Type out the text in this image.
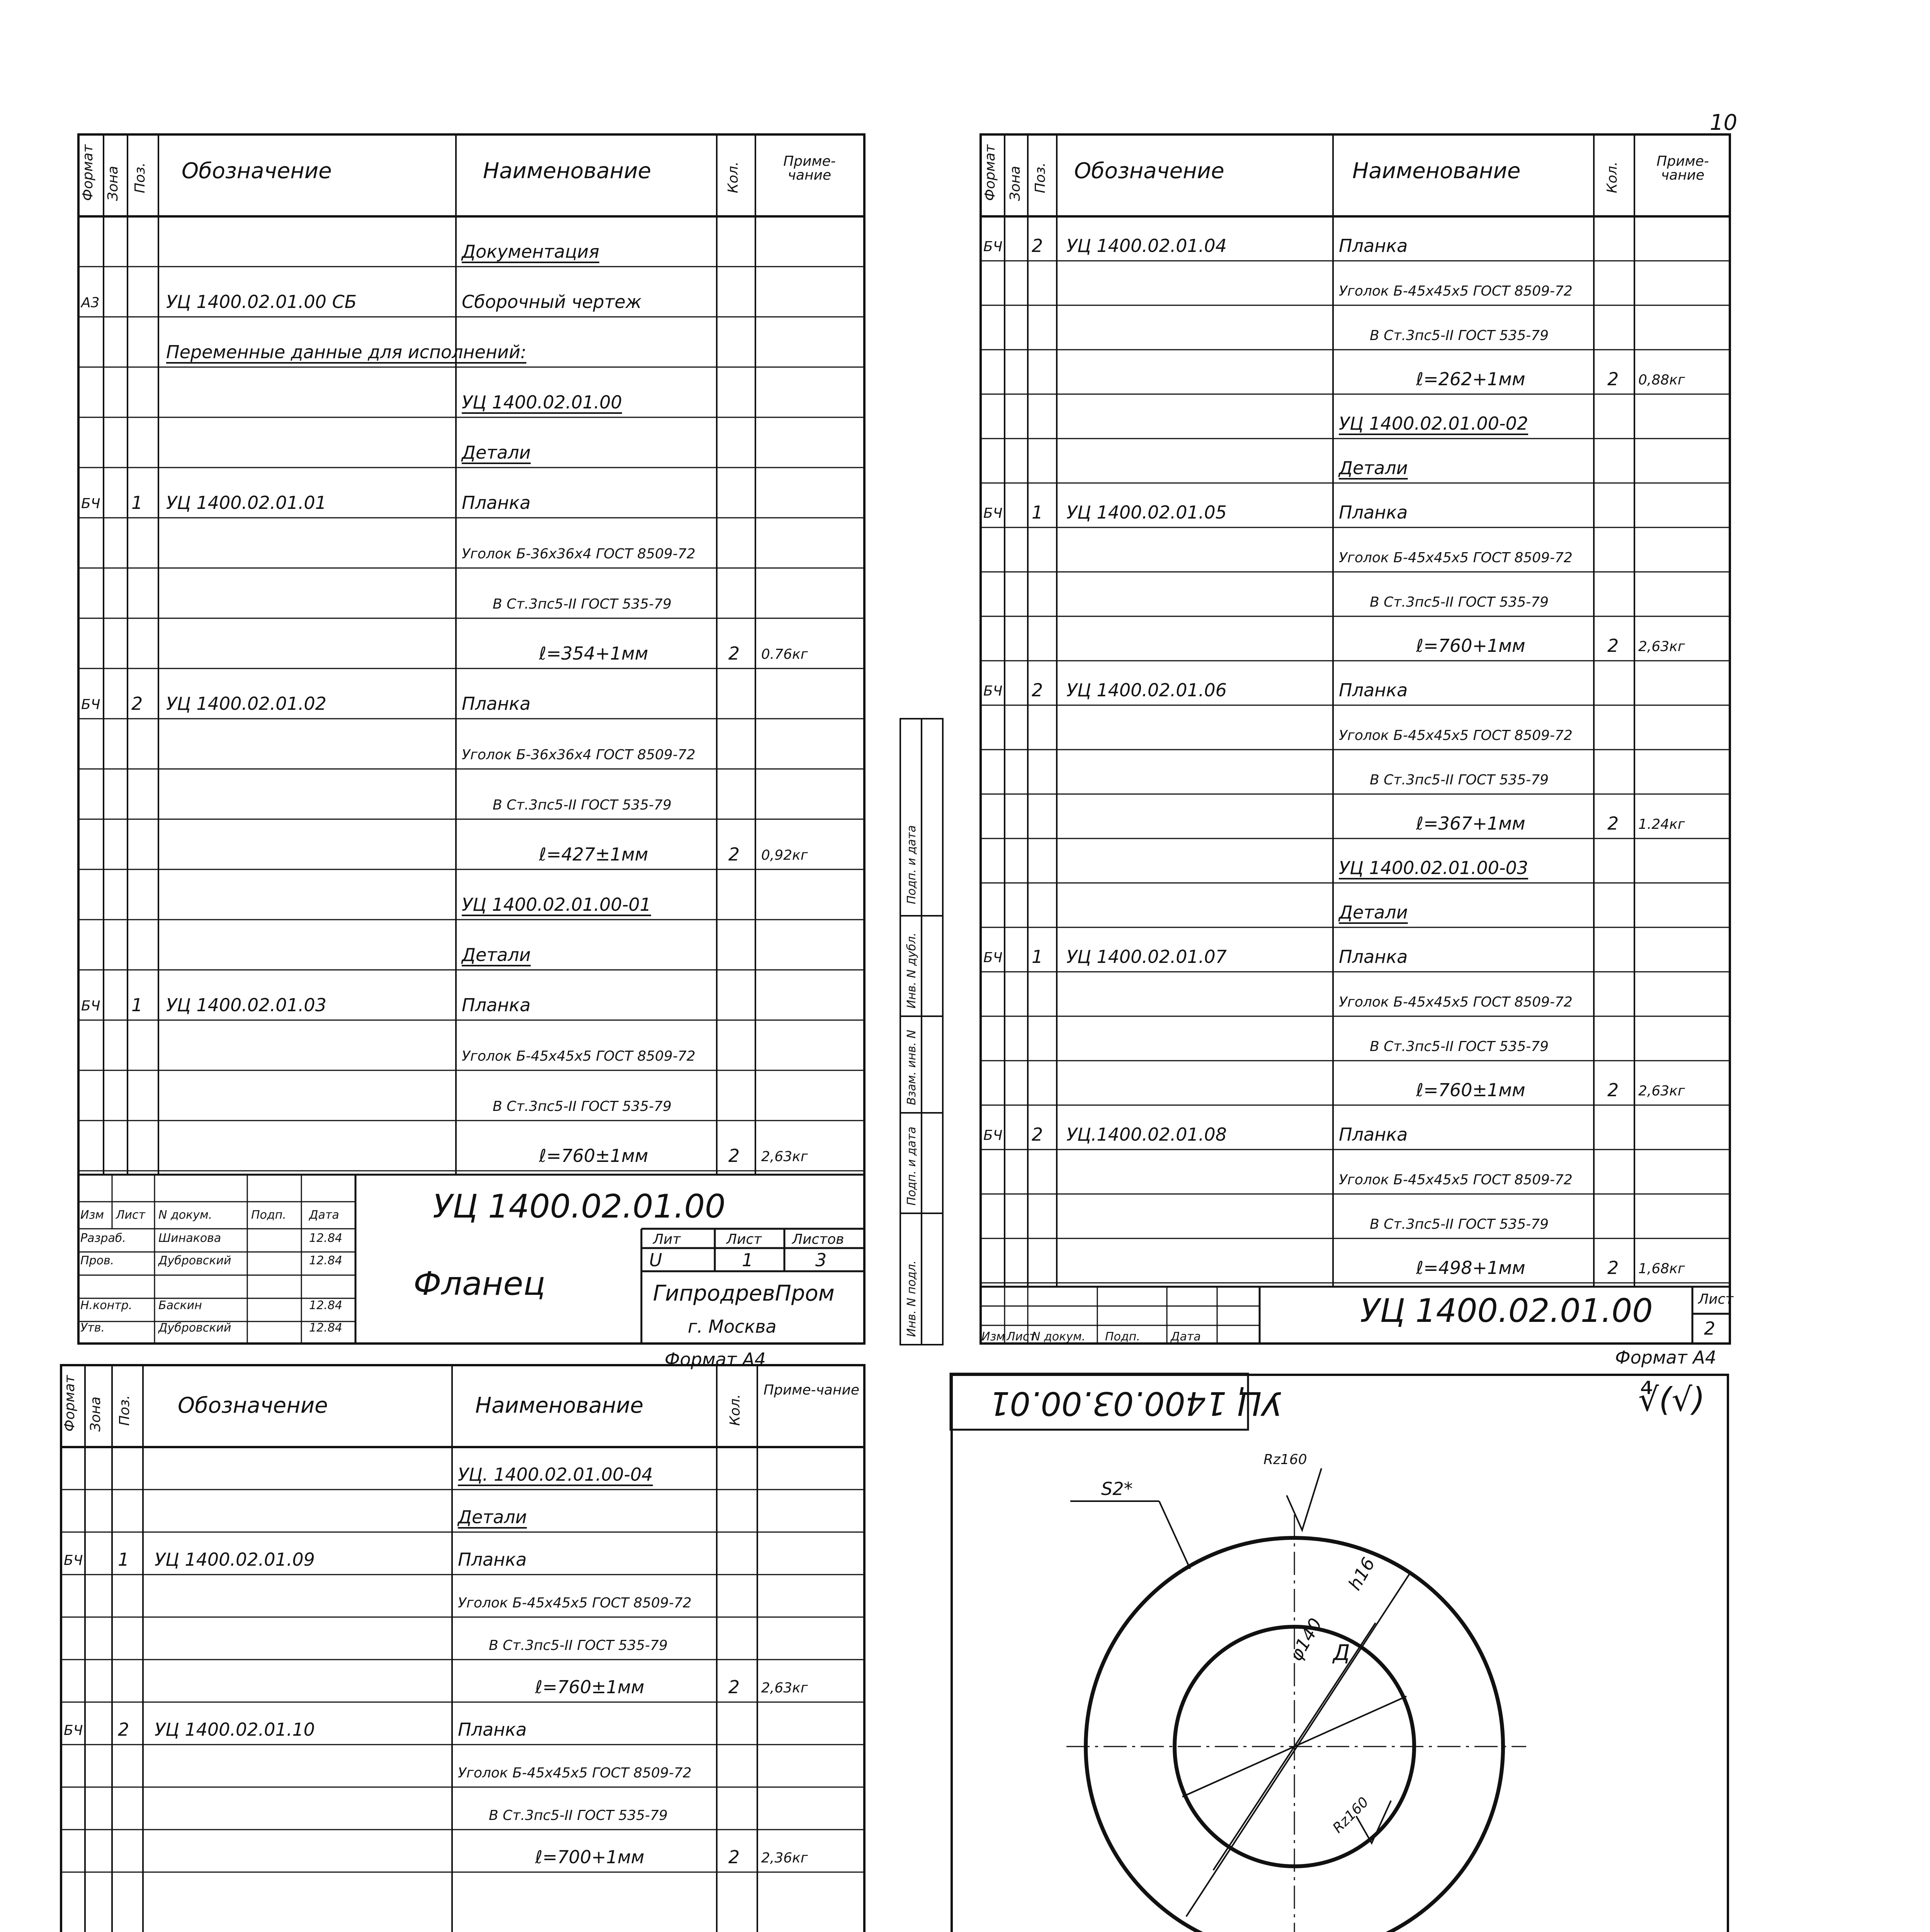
Формат Зона Поз. Обозначение	Наименование	Кол.
Приме-чание
Документация
А3	УЦ 1400.02.01.00 СБ	Сборочный чертеж
Переменные данные для исполнений:
УЦ 1400.02.01.00
Детали
БЧ 1 УЦ 1400.02.01.01	Планка
Уголок Б-36х36х4 ГОСТ 8509-72
В Ст.3пс5-II ГОСТ 535-79
ℓ=354+1мм	2 0.76кг
БЧ 2 УЦ 1400.02.01.02	Планка
Уголок Б-36х36х4 ГОСТ 8509-72
В Ст.3пс5-II ГОСТ 535-79
ℓ=427±1мм	2 0,92кг
УЦ 1400.02.01.00-01
Детали
БЧ 1 УЦ 1400.02.01.03	Планка
Уголок Б-45х45х5 ГОСТ 8509-72
В Ст.3пс5-II ГОСТ 535-79
ℓ=760±1мм	2 2,63кг
УЦ 1400.02.01.00
Фланец
Лит	Лист Листов
U	1	3
ГипродревПром
г. Москва
Формат А4
Изм Лист N докум.	Подп. Дата
Разраб.	Шинакова	12.84
Пров.	Дубровский	12.84
Н.контр. Баскин	12.84
Утв.	Дубровский	12.84
10
Формат Зона Поз. Обозначение	Наименование	Кол.
Приме-чание
БЧ 2 УЦ 1400.02.01.04	Планка
Уголок Б-45х45х5 ГОСТ 8509-72
В Ст.3пс5-II ГОСТ 535-79
ℓ=262+1мм	2 0,88кг
УЦ 1400.02.01.00-02
Детали
БЧ 1 УЦ 1400.02.01.05	Планка
Уголок Б-45х45х5 ГОСТ 8509-72
В Ст.3пс5-II ГОСТ 535-79
ℓ=760+1мм	2 2,63кг
БЧ 2 УЦ 1400.02.01.06	Планка
Уголок Б-45х45х5 ГОСТ 8509-72
В Ст.3пс5-II ГОСТ 535-79
ℓ=367+1мм	2 1.24кг
УЦ 1400.02.01.00-03
Детали
БЧ 1 УЦ 1400.02.01.07	Планка
Уголок Б-45х45х5 ГОСТ 8509-72
В Ст.3пс5-II ГОСТ 535-79
ℓ=760±1мм	2 2,63кг
БЧ 2 УЦ.1400.02.01.08	Планка
Уголок Б-45х45х5 ГОСТ 8509-72
В Ст.3пс5-II ГОСТ 535-79
ℓ=498+1мм	2 1,68кг
УЦ 1400.02.01.00	Лист
2
Формат А4
Изм Лист
N докум. Подп.	Дата
Инв. N подл.
Подп. и дата
Взам. инв. N
Инв. N дубл.
Подп. и дата
Формат Зона Поз. Обозначение	Наименование	Кол.
Приме-чание
УЦ. 1400.02.01.00-04
Детали
БЧ 1 УЦ 1400.02.01.09	Планка
Уголок Б-45х45х5 ГОСТ 8509-72
В Ст.3пс5-II ГОСТ 535-79
ℓ=760±1мм	2 2,63кг
БЧ 2 УЦ 1400.02.01.10	Планка
Уголок Б-45х45х5 ГОСТ 8509-72
В Ст.3пс5-II ГОСТ 535-79
ℓ=700+1мм	2 2,36кг
УЦ 1400.03.00.01	∜(√)
S2*
Rz160
Rz160
φ140
h16
Д
